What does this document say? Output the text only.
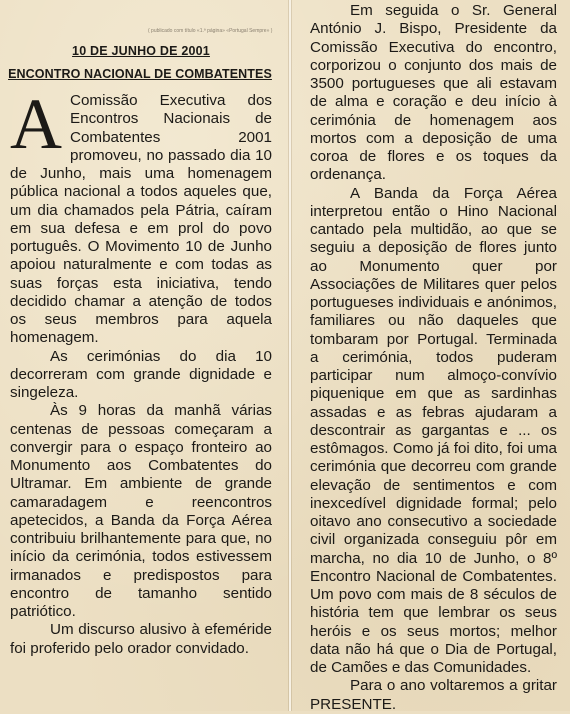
( publicado com título «1.ª página» «Portugal Sempre» )
10 DE JUNHO DE 2001
ENCONTRO NACIONAL DE COMBATENTES

A Comissão Executiva dos Encontros Nacionais de Combatentes 2001 promoveu, no passado dia 10 de Junho, mais uma homenagem pública nacional a todos aqueles que, um dia chamados pela Pátria, caíram em sua defesa e em prol do povo português. O Movimento 10 de Junho apoiou naturalmente e com todas as suas forças esta iniciativa, tendo decidido chamar a atenção de todos os seus membros para aquela homenagem.

As cerimónias do dia 10 decorreram com grande dignidade e singeleza.

Às 9 horas da manhã várias centenas de pessoas começaram a convergir para o espaço fronteiro ao Monumento aos Combatentes do Ultramar. Em ambiente de grande camaradagem e reencontros apetecidos, a Banda da Força Aérea contribuiu brilhantemente para que, no início da cerimónia, todos estivessem irmanados e predispostos para encontro de tamanho sentido patriótico.

Um discurso alusivo à efeméride foi proferido pelo orador convidado.

Em seguida o Sr. General António J. Bispo, Presidente da Comissão Executiva do encontro, corporizou o conjunto dos mais de 3500 portugueses que ali estavam de alma e coração e deu início à cerimónia de homenagem aos mortos com a deposição de uma coroa de flores e os toques da ordenança.

A Banda da Força Aérea interpretou então o Hino Nacional cantado pela multidão, ao que se seguiu a deposição de flores junto ao Monumento quer por Associações de Militares quer pelos portugueses individuais e anónimos, familiares ou não daqueles que tombaram por Portugal. Terminada a cerimónia, todos puderam participar num almoço-convívio piquenique em que as sardinhas assadas e as febras ajudaram a descontrair as gargantas e ... os estômagos. Como já foi dito, foi uma cerimónia que decorreu com grande elevação de sentimentos e com inexcedível dignidade formal; pelo oitavo ano consecutivo a sociedade civil organizada conseguiu pôr em marcha, no dia 10 de Junho, o 8º Encontro Nacional de Combatentes. Um povo com mais de 8 séculos de história tem que lembrar os seus heróis e os seus mortos; melhor data não há que o Dia de Portugal, de Camões e das Comunidades.

Para o ano voltaremos a gritar PRESENTE.
